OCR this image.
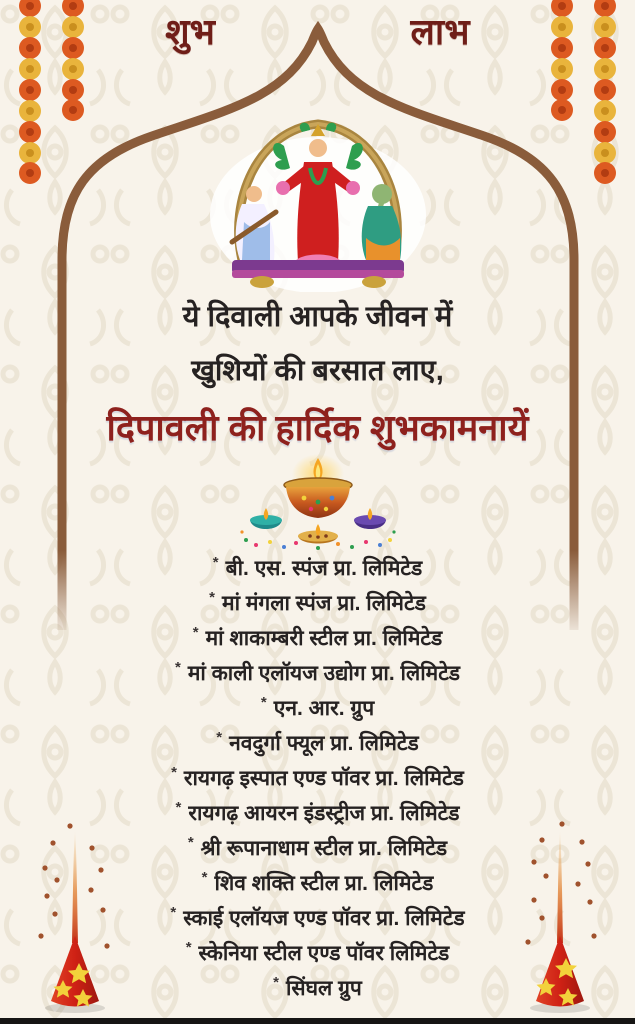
शुभ	लाभ
ये दिवाली आपके जीवन में
खुशियों की बरसात लाए,
दिपावली की हार्दिक शुभकामनायें
* बी. एस. स्पंज प्रा. लिमिटेड
* मां मंगला स्पंज प्रा. लिमिटेड
* मां शाकाम्बरी स्टील प्रा. लिमिटेड
* मां काली एलॉयज उद्योग प्रा. लिमिटेड
* एन. आर. ग्रुप
* नवदुर्गा फ्यूल प्रा. लिमिटेड
* रायगढ़ इस्पात एण्ड पॉवर प्रा. लिमिटेड
* रायगढ़ आयरन इंडस्ट्रीज प्रा. लिमिटेड
* श्री रूपानाधाम स्टील प्रा. लिमिटेड
* शिव शक्ति स्टील प्रा. लिमिटेड
* स्काई एलॉयज एण्ड पॉवर प्रा. लिमिटेड
* स्केनिया स्टील एण्ड पॉवर लिमिटेड
* सिंघल ग्रुप
